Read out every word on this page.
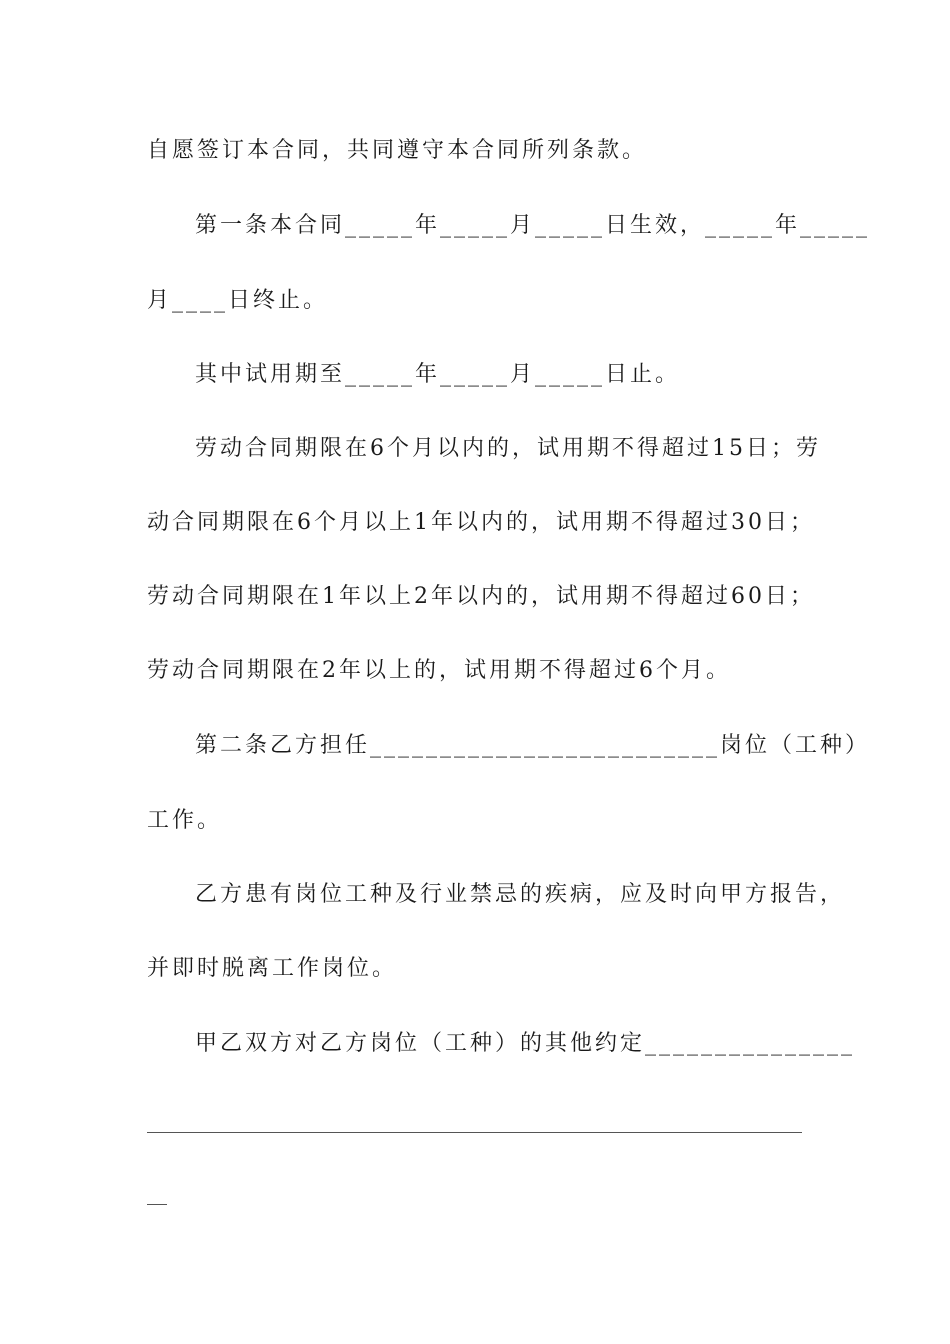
自愿签订本合同，共同遵守本合同所列条款。
第一条本合同_____年_____月_____日生效，_____年_____
月____日终止。
其中试用期至_____年_____月_____日止。
劳动合同期限在6个月以内的，试用期不得超过15日；劳
动合同期限在6个月以上1年以内的，试用期不得超过30日；
劳动合同期限在1年以上2年以内的，试用期不得超过60日；
劳动合同期限在2年以上的，试用期不得超过6个月。
第二条乙方担任_________________________岗位（工种）
工作。
乙方患有岗位工种及行业禁忌的疾病，应及时向甲方报告，
并即时脱离工作岗位。
甲乙双方对乙方岗位（工种）的其他约定_______________
